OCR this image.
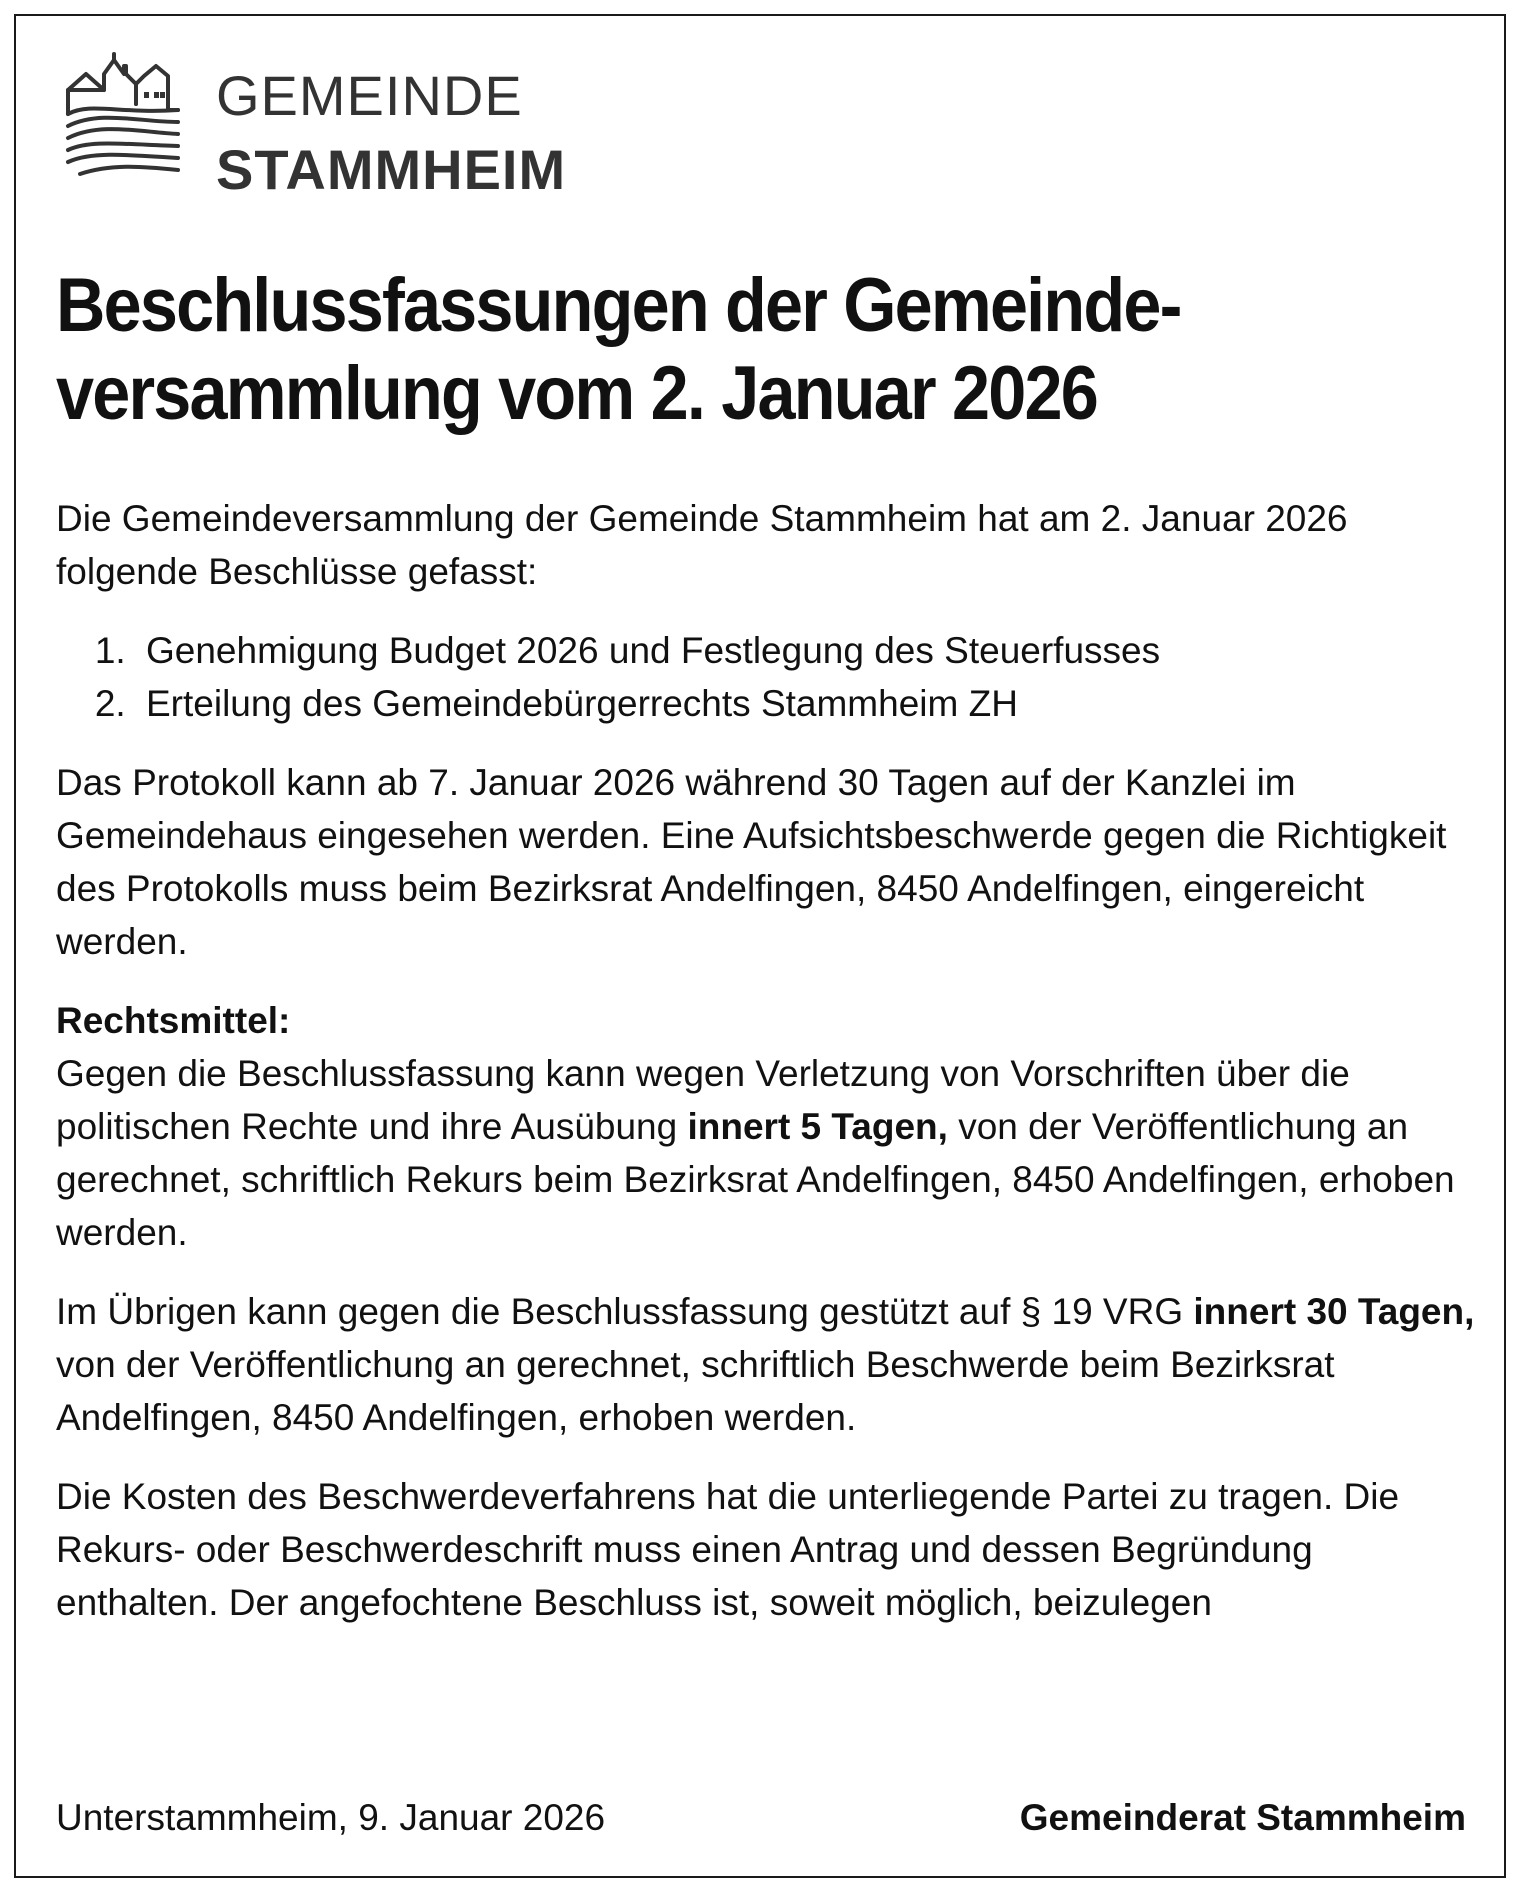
GEMEINDE
STAMMHEIM
Beschlussfassungen der Gemeinde-
versammlung vom 2. Januar 2026

Die Gemeindeversammlung der Gemeinde Stammheim hat am 2. Januar 2026 folgende Beschlüsse gefasst:

1. Genehmigung Budget 2026 und Festlegung des Steuerfusses
2. Erteilung des Gemeindebürgerrechts Stammheim ZH

Das Protokoll kann ab 7. Januar 2026 während 30 Tagen auf der Kanzlei im Gemeindehaus eingesehen werden. Eine Aufsichtsbeschwerde gegen die Richtigkeit des Protokolls muss beim Bezirksrat Andelfingen, 8450 Andelfingen, eingereicht werden.

Rechtsmittel:
Gegen die Beschlussfassung kann wegen Verletzung von Vorschriften über die politischen Rechte und ihre Ausübung innert 5 Tagen, von der Veröffentlichung an gerechnet, schriftlich Rekurs beim Bezirksrat Andelfingen, 8450 Andelfingen, erhoben werden.

Im Übrigen kann gegen die Beschlussfassung gestützt auf § 19 VRG innert 30 Tagen, von der Veröffentlichung an gerechnet, schriftlich Beschwerde beim Bezirksrat Andelfingen, 8450 Andelfingen, erhoben werden.

Die Kosten des Beschwerdeverfahrens hat die unterliegende Partei zu tragen. Die Rekurs- oder Beschwerdeschrift muss einen Antrag und dessen Begründung enthalten. Der angefochtene Beschluss ist, soweit möglich, beizulegen

Unterstammheim, 9. Januar 2026	Gemeinderat Stammheim
